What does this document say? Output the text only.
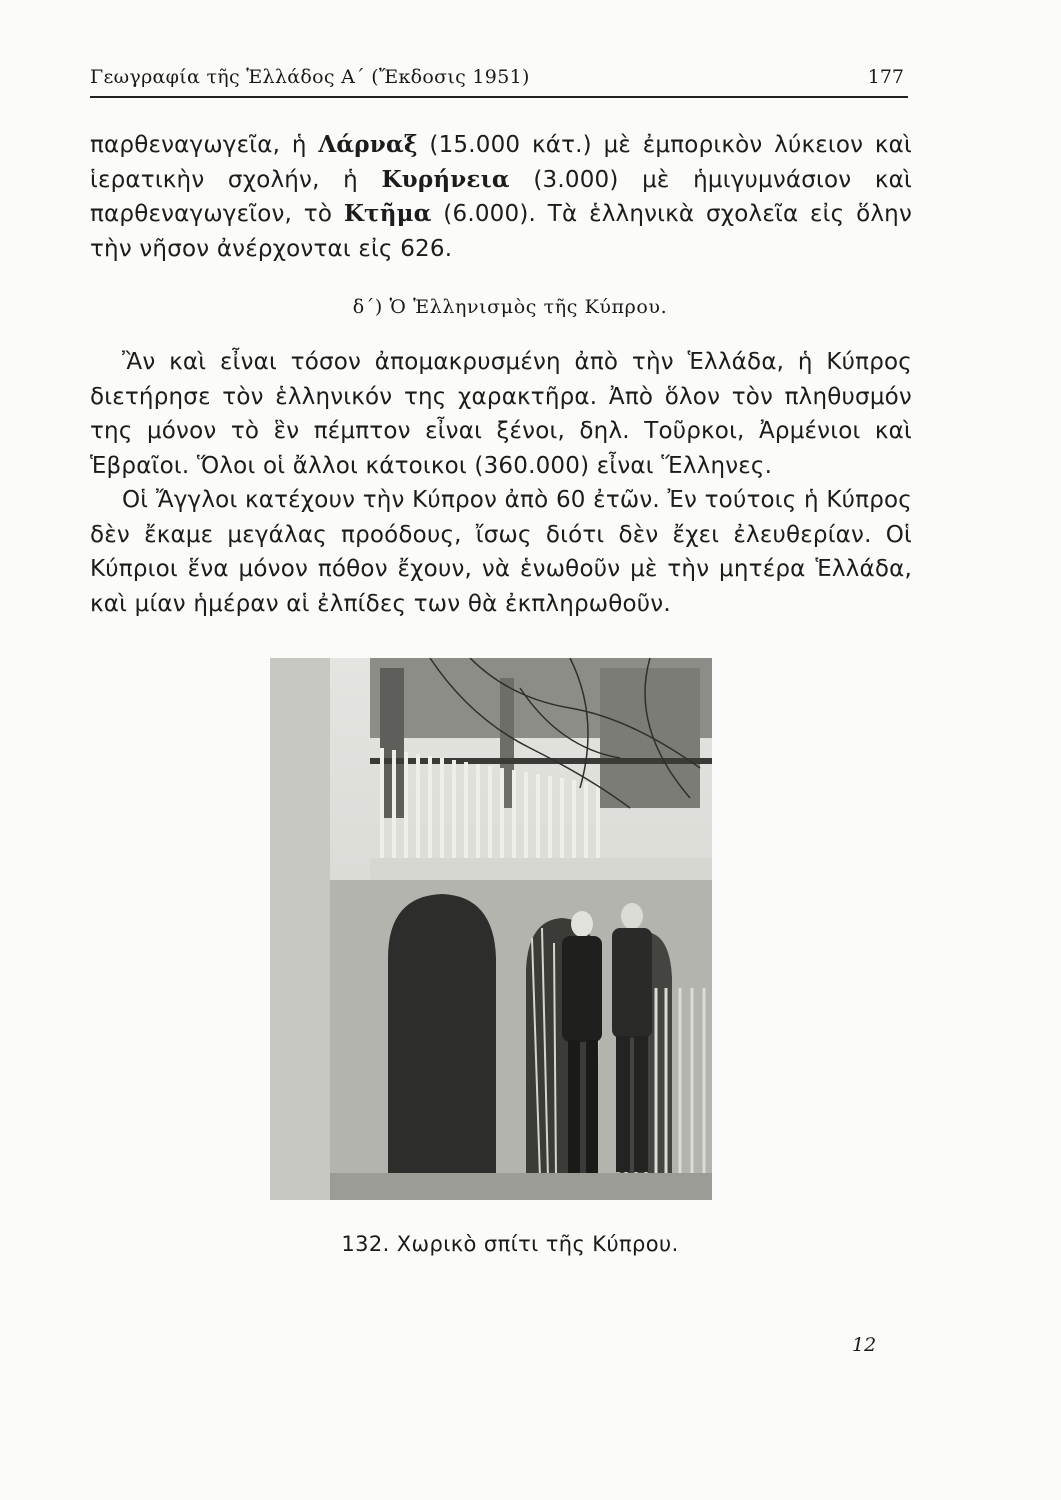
Γεωγραφία τῆς Ἑλλάδος Α΄ (Ἔκδοσις 1951)	177
παρθεναγωγεῖα, ἡ Λάρναξ (15.000 κάτ.) μὲ ἐμπορικὸν λύκειον καὶ ἱερατικὴν σχολήν, ἡ Κυρήνεια (3.000) μὲ ἡμιγυμνάσιον καὶ παρθεναγωγεῖον, τὸ Κτῆμα (6.000). Τὰ ἑλληνικὰ σχολεῖα εἰς ὅλην τὴν νῆσον ἀνέρχονται εἰς 626.
δ΄) Ὁ Ἑλληνισμὸς τῆς Κύπρου.

Ἂν καὶ εἶναι τόσον ἀπομακρυσμένη ἀπὸ τὴν Ἑλλάδα, ἡ Κύπρος διετήρησε τὸν ἑλληνικόν της χαρακτῆρα. Ἀπὸ ὅλον τὸν πληθυσμόν της μόνον τὸ ἓν πέμπτον εἶναι ξένοι, δηλ. Τοῦρκοι, Ἀρμένιοι καὶ Ἑβραῖοι. Ὅλοι οἱ ἄλλοι κάτοικοι (360.000) εἶναι Ἕλληνες.

Οἱ Ἄγγλοι κατέχουν τὴν Κύπρον ἀπὸ 60 ἐτῶν. Ἐν τούτοις ἡ Κύπρος δὲν ἔκαμε μεγάλας προόδους, ἴσως διότι δὲν ἔχει ἐλευθερίαν. Οἱ Κύπριοι ἕνα μόνον πόθον ἔχουν, νὰ ἑνωθοῦν μὲ τὴν μητέρα Ἑλλάδα, καὶ μίαν ἡμέραν αἱ ἐλπίδες των θὰ ἐκπληρωθοῦν.

132. Χωρικὸ σπίτι τῆς Κύπρου.
12
